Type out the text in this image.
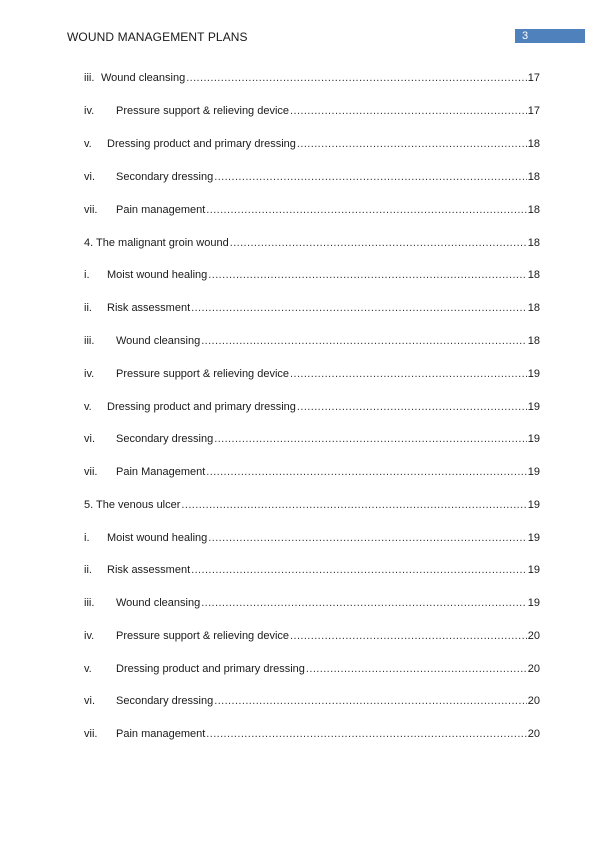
WOUND MANAGEMENT PLANS	3
iii. Wound cleansing .....	17
iv.	Pressure support & relieving device .....	17
v.	Dressing product and primary dressing .....	18
vi.	Secondary dressing .....	18
vii.	Pain management .....	18
4. The malignant groin wound .....	18
i.	Moist wound healing .....	18
ii.	Risk assessment .....	18
iii.	Wound cleansing .....	18
iv.	Pressure support & relieving device .....	19
v.	Dressing product and primary dressing .....	19
vi.	Secondary dressing .....	19
vii.	Pain Management .....	19
5. The venous ulcer .....	19
i.	Moist wound healing .....	19
ii.	Risk assessment .....	19
iii.	Wound cleansing .....	19
iv.	Pressure support & relieving device .....	20
v.	Dressing product and primary dressing .....	20
vi.	Secondary dressing .....	20
vii.	Pain management .....	20
